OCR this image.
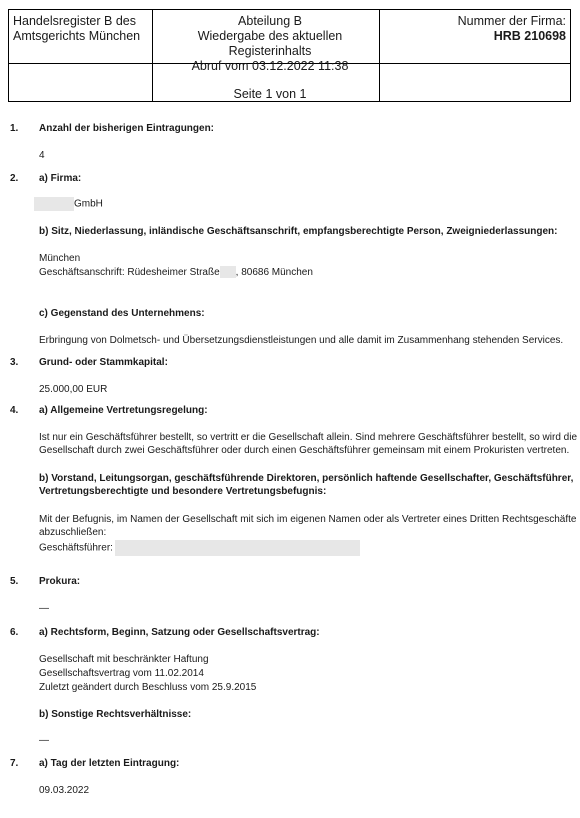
Handelsregister B des
Amtsgerichts München
Abteilung B
Wiedergabe des aktuellen Registerinhalts
Abruf vom 03.12.2022 11:38
Nummer der Firma:
HRB 210698
Seite 1 von 1
1. Anzahl der bisherigen Eintragungen:
4
2. a) Firma:
GmbH
b) Sitz, Niederlassung, inländische Geschäftsanschrift, empfangsberechtigte Person, Zweigniederlassungen:
München
Geschäftsanschrift: Rüdesheimer Straße , 80686 München
c) Gegenstand des Unternehmens:
Erbringung von Dolmetsch- und Übersetzungsdienstleistungen und alle damit im Zusammenhang stehenden Services.
3. Grund- oder Stammkapital:
25.000,00 EUR
4. a) Allgemeine Vertretungsregelung:
Ist nur ein Geschäftsführer bestellt, so vertritt er die Gesellschaft allein. Sind mehrere Geschäftsführer bestellt, so wird die
Gesellschaft durch zwei Geschäftsführer oder durch einen Geschäftsführer gemeinsam mit einem Prokuristen vertreten.
b) Vorstand, Leitungsorgan, geschäftsführende Direktoren, persönlich haftende Gesellschafter, Geschäftsführer,
Vertretungsberechtigte und besondere Vertretungsbefugnis:
Mit der Befugnis, im Namen der Gesellschaft mit sich im eigenen Namen oder als Vertreter eines Dritten Rechtsgeschäfte
abzuschließen:
Geschäftsführer:
5. Prokura:
—
6. a) Rechtsform, Beginn, Satzung oder Gesellschaftsvertrag:
Gesellschaft mit beschränkter Haftung
Gesellschaftsvertrag vom 11.02.2014
Zuletzt geändert durch Beschluss vom 25.9.2015
b) Sonstige Rechtsverhältnisse:
—
7. a) Tag der letzten Eintragung:
09.03.2022
